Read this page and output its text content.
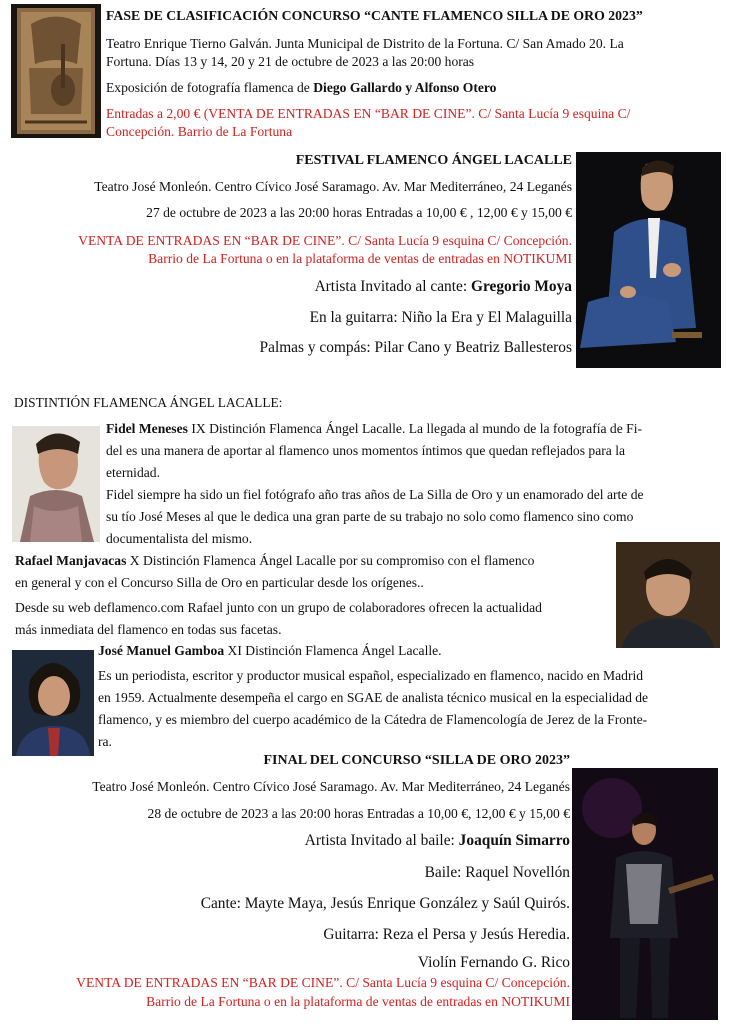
FASE DE CLASIFICACIÓN CONCURSO “CANTE FLAMENCO SILLA DE ORO 2023”
Teatro Enrique Tierno Galván. Junta Municipal de Distrito de la Fortuna. C/ San Amado 20. La
Fortuna. Días 13 y 14, 20 y 21 de octubre de 2023 a las 20:00 horas
Exposición de fotografía flamenca de Diego Gallardo y Alfonso Otero
Entradas a 2,00 € (VENTA DE ENTRADAS EN “BAR DE CINE”. C/ Santa Lucía 9 esquina C/
Concepción. Barrio de La Fortuna
FESTIVAL FLAMENCO ÁNGEL LACALLE
Teatro José Monleón. Centro Cívico José Saramago. Av. Mar Mediterráneo, 24 Leganés
27 de octubre de 2023 a las 20:00 horas Entradas a 10,00 € , 12,00 € y 15,00 €
VENTA DE ENTRADAS EN “BAR DE CINE”. C/ Santa Lucía 9 esquina C/ Concepción.
Barrio de La Fortuna o en la plataforma de ventas de entradas en NOTIKUMI
Artista Invitado al cante: Gregorio Moya
En la guitarra: Niño la Era y El Malaguilla
Palmas y compás: Pilar Cano y Beatriz Ballesteros
DISTINTIÓN FLAMENCA ÁNGEL LACALLE:
Fidel Meneses IX Distinción Flamenca Ángel Lacalle. La llegada al mundo de la fotografía de Fi-
del es una manera de aportar al flamenco unos momentos íntimos que quedan reflejados para la
eternidad.
Fidel siempre ha sido un fiel fotógrafo año tras años de La Silla de Oro y un enamorado del arte de
su tío José Meses al que le dedica una gran parte de su trabajo no solo como flamenco sino como
documentalista del mismo.
Rafael Manjavacas X Distinción Flamenca Ángel Lacalle por su compromiso con el flamenco
en general y con el Concurso Silla de Oro en particular desde los orígenes..
Desde su web deflamenco.com Rafael junto con un grupo de colaboradores ofrecen la actualidad
más inmediata del flamenco en todas sus facetas.
José Manuel Gamboa XI Distinción Flamenca Ángel Lacalle.
Es un periodista, escritor y productor musical español, especializado en flamenco, nacido en Madrid
en 1959. Actualmente desempeña el cargo en SGAE de analista técnico musical en la especialidad de
flamenco, y es miembro del cuerpo académico de la Cátedra de Flamencología de Jerez de la Fronte-
ra.
FINAL DEL CONCURSO “SILLA DE ORO 2023”
Teatro José Monleón. Centro Cívico José Saramago. Av. Mar Mediterráneo, 24 Leganés
28 de octubre de 2023 a las 20:00 horas Entradas a 10,00 €, 12,00 € y 15,00 €
Artista Invitado al baile: Joaquín Simarro
Baile: Raquel Novellón
Cante: Mayte Maya, Jesús Enrique González y Saúl Quirós.
Guitarra: Reza el Persa y Jesús Heredia.
Violín Fernando G. Rico
VENTA DE ENTRADAS EN “BAR DE CINE”. C/ Santa Lucía 9 esquina C/ Concepción.
Barrio de La Fortuna o en la plataforma de ventas de entradas en NOTIKUMI
